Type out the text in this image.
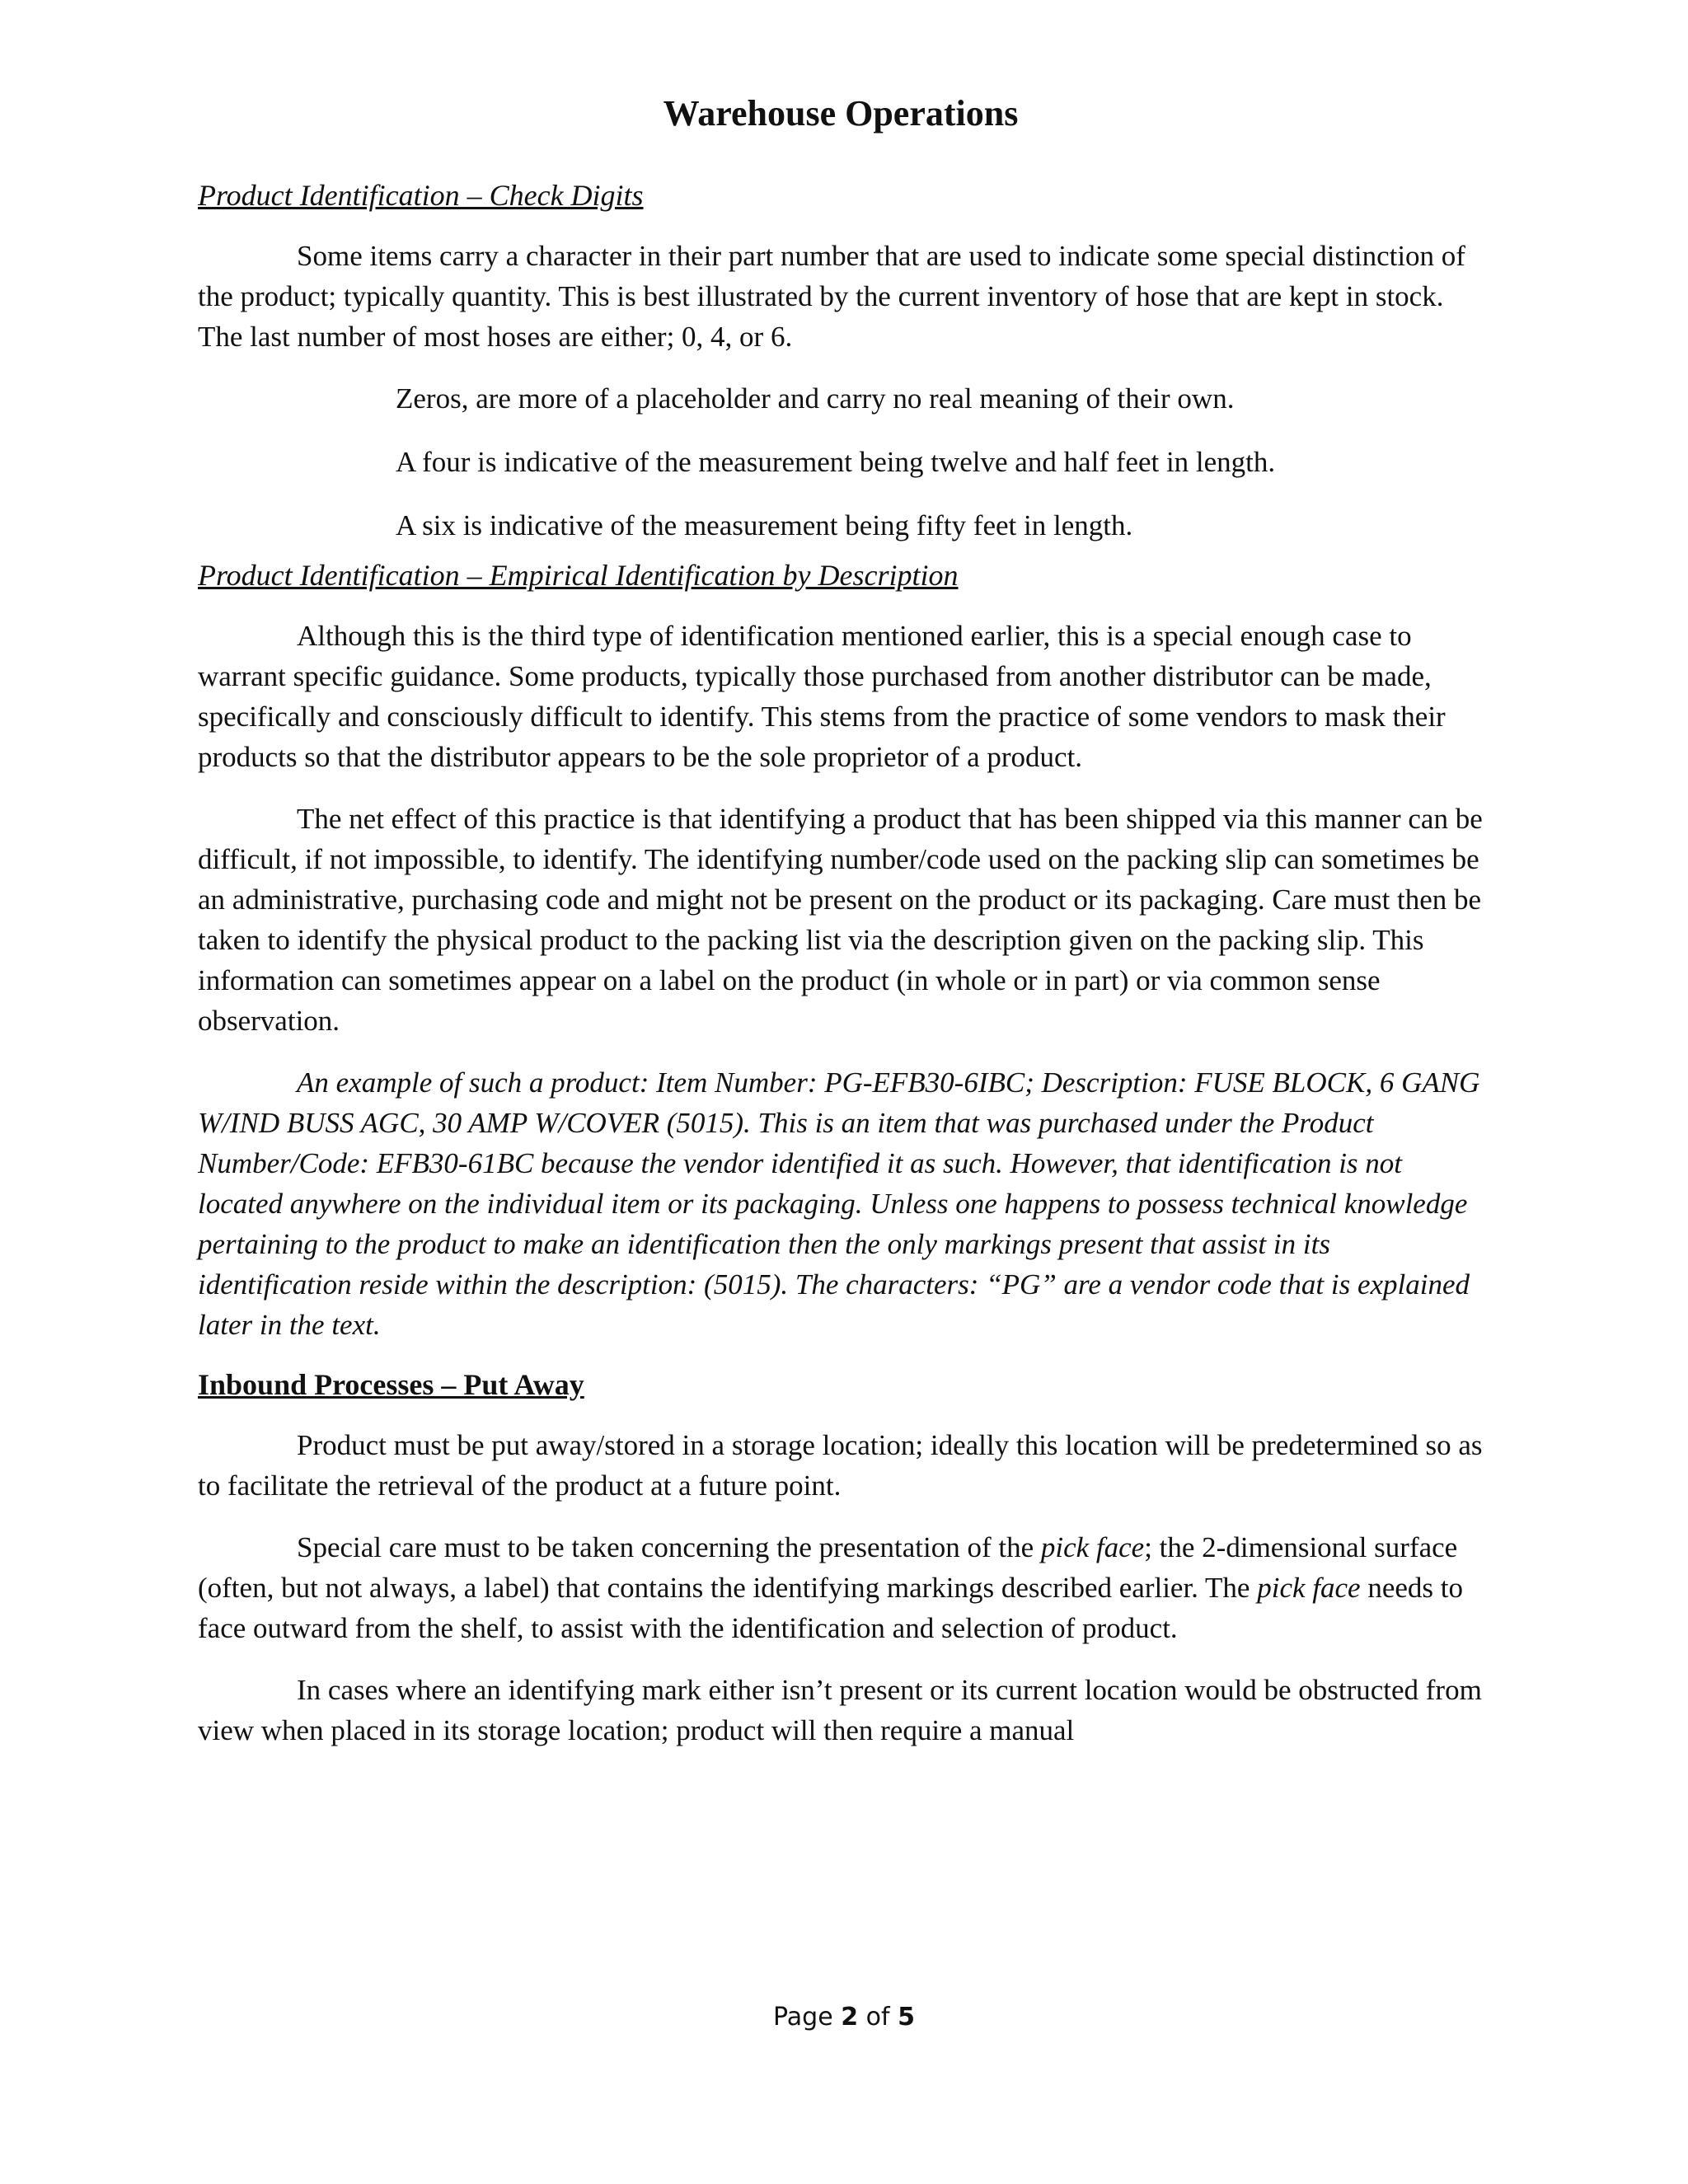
Warehouse Operations
Product Identification – Check Digits

Some items carry a character in their part number that are used to indicate some special distinction of the product; typically quantity. This is best illustrated by the current inventory of hose that are kept in stock. The last number of most hoses are either; 0, 4, or 6.

Zeros, are more of a placeholder and carry no real meaning of their own.

A four is indicative of the measurement being twelve and half feet in length.

A six is indicative of the measurement being fifty feet in length.

Product Identification – Empirical Identification by Description

Although this is the third type of identification mentioned earlier, this is a special enough case to warrant specific guidance. Some products, typically those purchased from another distributor can be made, specifically and consciously difficult to identify. This stems from the practice of some vendors to mask their products so that the distributor appears to be the sole proprietor of a product.

The net effect of this practice is that identifying a product that has been shipped via this manner can be difficult, if not impossible, to identify. The identifying number/code used on the packing slip can sometimes be an administrative, purchasing code and might not be present on the product or its packaging. Care must then be taken to identify the physical product to the packing list via the description given on the packing slip. This information can sometimes appear on a label on the product (in whole or in part) or via common sense observation.

An example of such a product: Item Number: PG-EFB30-6IBC; Description: FUSE BLOCK, 6 GANG W/IND BUSS AGC, 30 AMP W/COVER (5015). This is an item that was purchased under the Product Number/Code: EFB30-61BC because the vendor identified it as such. However, that identification is not located anywhere on the individual item or its packaging. Unless one happens to possess technical knowledge pertaining to the product to make an identification then the only markings present that assist in its identification reside within the description: (5015). The characters: “PG” are a vendor code that is explained later in the text.

Inbound Processes – Put Away

Product must be put away/stored in a storage location; ideally this location will be predetermined so as to facilitate the retrieval of the product at a future point.

Special care must to be taken concerning the presentation of the pick face; the 2-dimensional surface (often, but not always, a label) that contains the identifying markings described earlier. The pick face needs to face outward from the shelf, to assist with the identification and selection of product.

In cases where an identifying mark either isn’t present or its current location would be obstructed from view when placed in its storage location; product will then require a manual

Page 2 of 5
